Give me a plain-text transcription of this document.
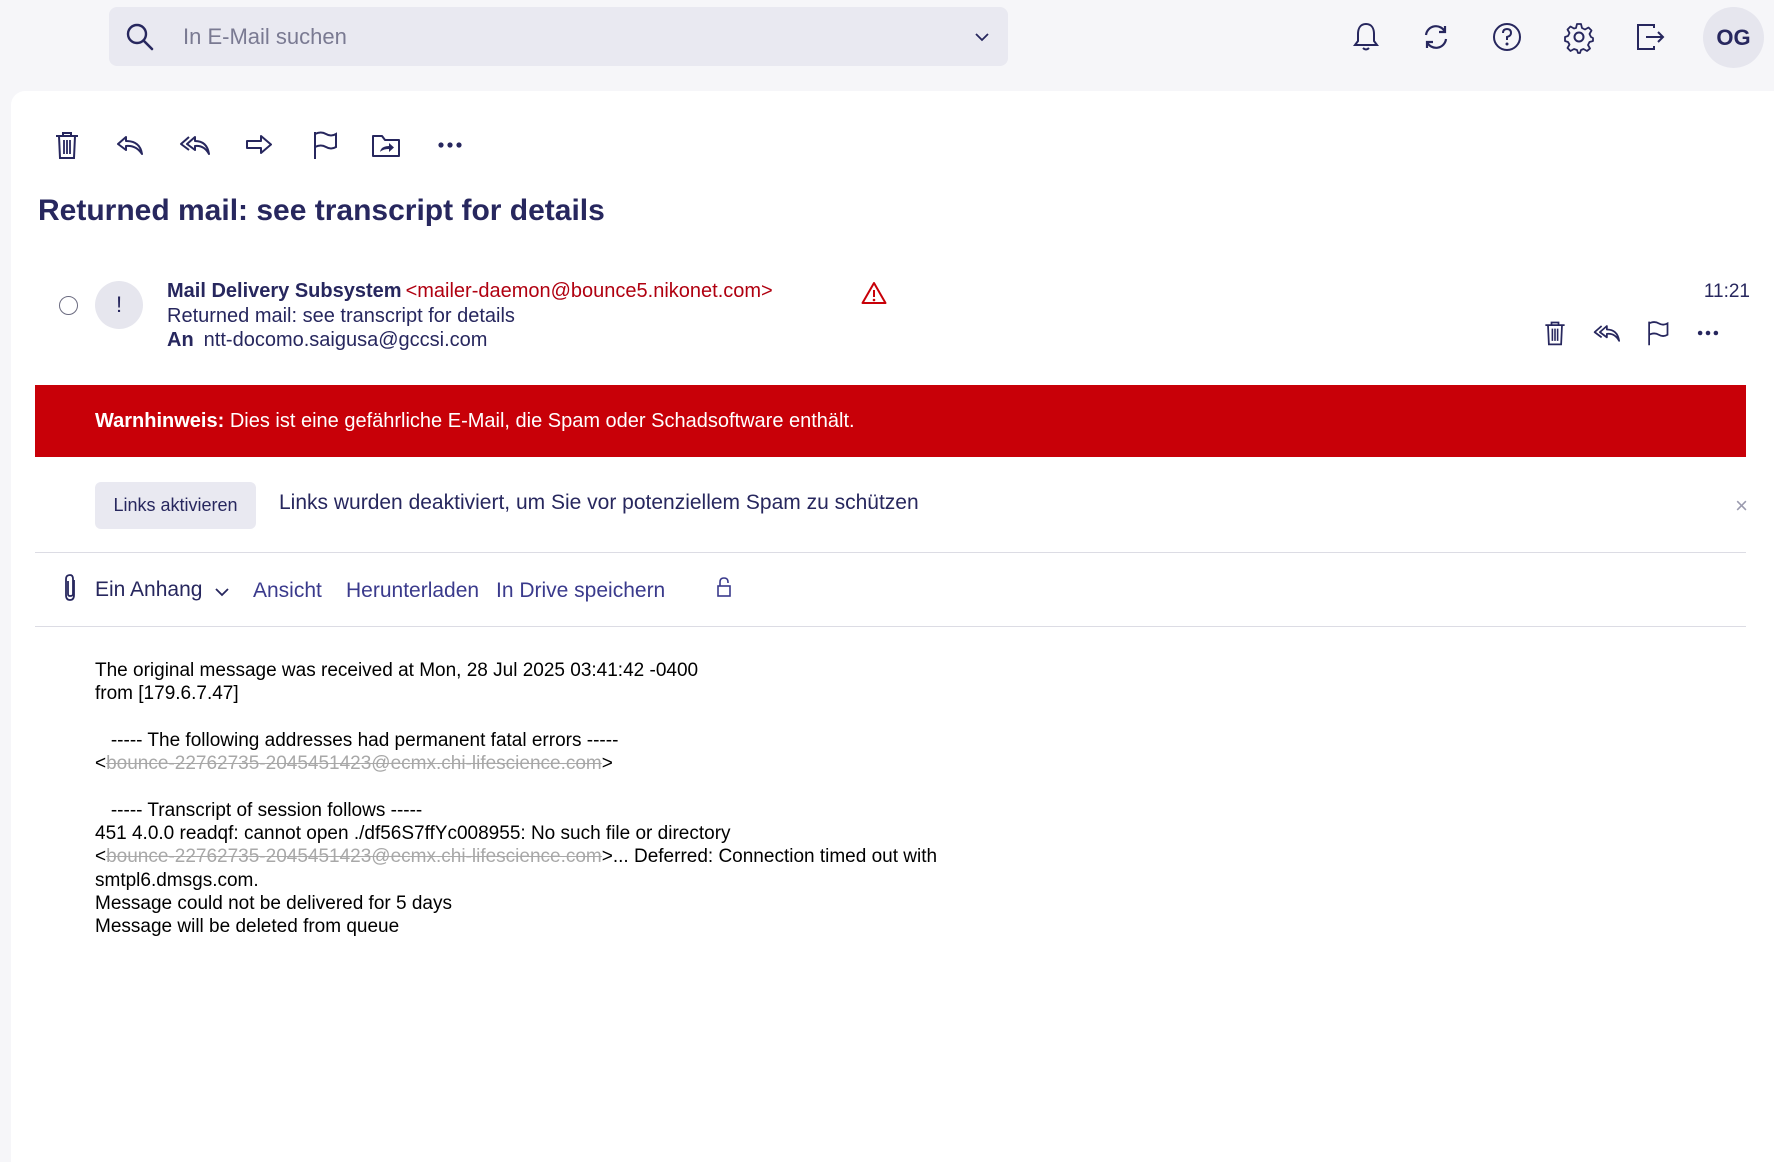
In E-Mail suchen	OG
Returned mail: see transcript for details
!
Mail Delivery Subsystem <mailer-daemon@bounce5.nikonet.com>
Returned mail: see transcript for details
An ntt-docomo.saigusa@gccsi.com
11:21
Warnhinweis: Dies ist eine gefährliche E-Mail, die Spam oder Schadsoftware enthält.
Links aktivieren	Links wurden deaktiviert, um Sie vor potenziellem Spam zu schützen	×
Ein Anhang Ansicht Herunterladen In Drive speichern
The original message was received at Mon, 28 Jul 2025 03:41:42 -0400
from [179.6.7.47]

----- The following addresses had permanent fatal errors -----
<bounce-22762735-2045451423@ecmx.chi-lifescience.com>

----- Transcript of session follows -----
451 4.0.0 readqf: cannot open ./df56S7ffYc008955: No such file or directory
<bounce-22762735-2045451423@ecmx.chi-lifescience.com>... Deferred: Connection timed out with
smtpl6.dmsgs.com.
Message could not be delivered for 5 days
Message will be deleted from queue
